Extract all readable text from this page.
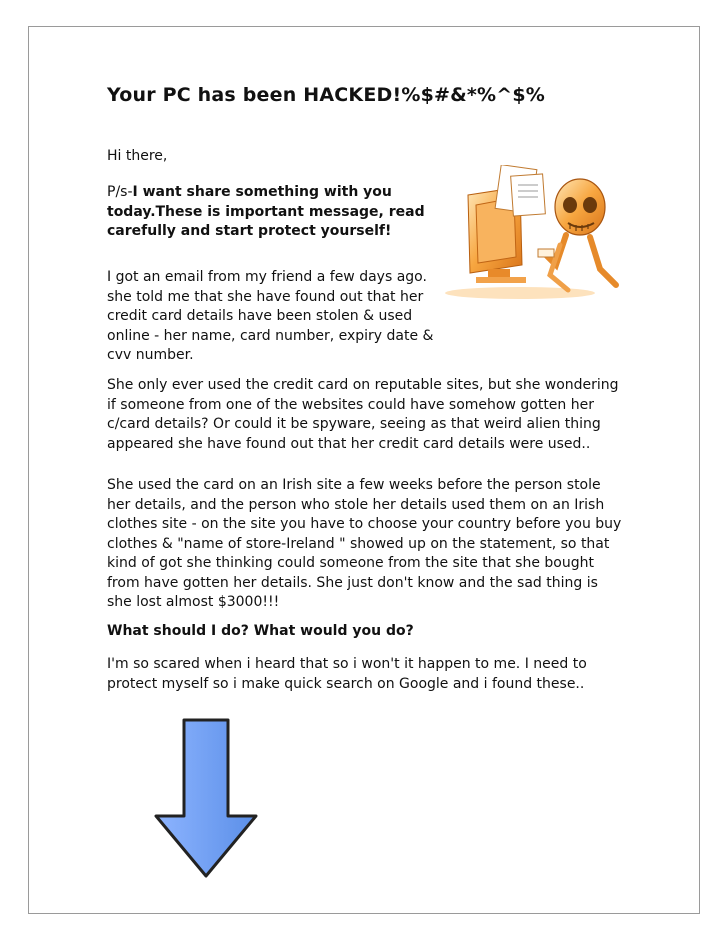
Your PC has been HACKED!%$#&*%^$%

Hi there,

P/s-I want share something with you today.These is important message, read carefully and start protect yourself!

I got an email from my friend a few days ago. she told me that she have found out that her credit card details have been stolen & used online - her name, card number, expiry date & cvv number.

She only ever used the credit card on reputable sites, but she wondering if someone from one of the websites could have somehow gotten her c/card details? Or could it be spyware, seeing as that weird alien thing appeared she have found out that her credit card details were used..

She used the card on an Irish site a few weeks before the person stole her details, and the person who stole her details used them on an Irish clothes site - on the site you have to choose your country before you buy clothes & "name of store-Ireland " showed up on the statement, so that kind of got she thinking could someone from the site that she bought from have gotten her details. She just don't know and the sad thing is she lost almost $3000!!!

What should I do? What would you do?

I'm so scared when i heard that so i won't it happen to me. I need to protect myself so i make quick search on Google and i found these..
